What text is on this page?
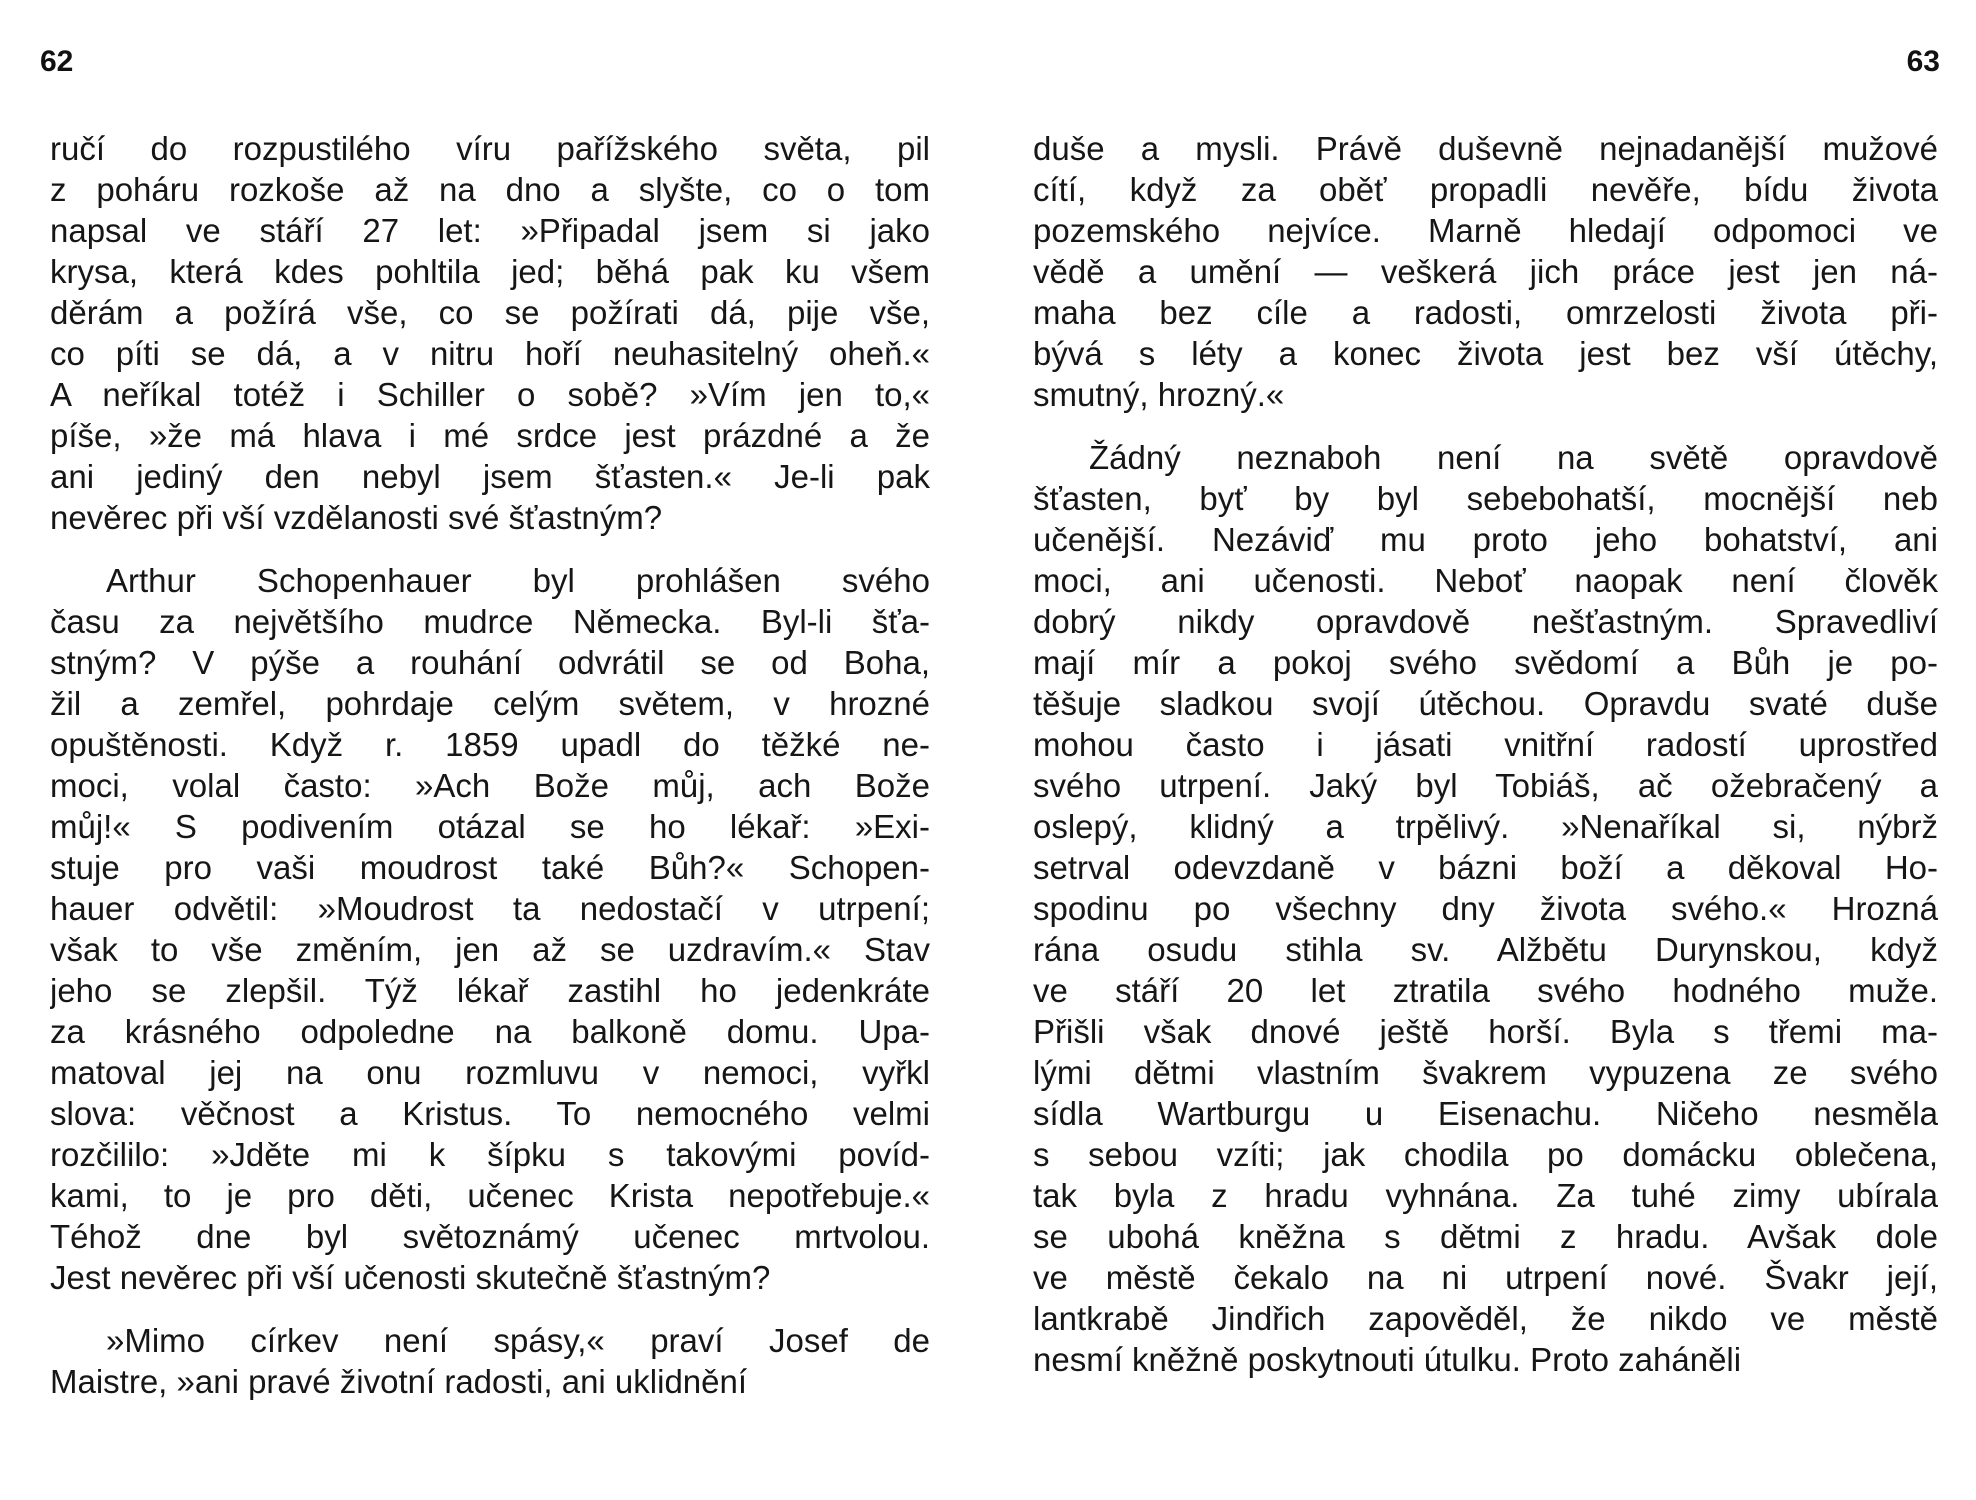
62
ručí do rozpustilého víru pařížského světa, pil
z poháru rozkoše až na dno a slyšte, co o tom
napsal ve stáří 27 let: »Připadal jsem si jako
krysa, která kdes pohltila jed; běhá pak ku všem
děrám a požírá vše, co se požírati dá, pije vše,
co píti se dá, a v nitru hoří neuhasitelný oheň.«
A neříkal totéž i Schiller o sobě? »Vím jen to,«
píše, »že má hlava i mé srdce jest prázdné a že
ani jediný den nebyl jsem šťasten.« Je-li pak
nevěrec při vší vzdělanosti své šťastným?
Arthur Schopenhauer byl prohlášen svého
času za největšího mudrce Německa. Byl-li šťa-
stným? V pýše a rouhání odvrátil se od Boha,
žil a zemřel, pohrdaje celým světem, v hrozné
opuštěnosti. Když r. 1859 upadl do těžké ne-
moci, volal často: »Ach Bože můj, ach Bože
můj!« S podivením otázal se ho lékař: »Exi-
stuje pro vaši moudrost také Bůh?« Schopen-
hauer odvětil: »Moudrost ta nedostačí v utrpení;
však to vše změním, jen až se uzdravím.« Stav
jeho se zlepšil. Týž lékař zastihl ho jedenkráte
za krásného odpoledne na balkoně domu. Upa-
matoval jej na onu rozmluvu v nemoci, vyřkl
slova: věčnost a Kristus. To nemocného velmi
rozčililo: »Jděte mi k šípku s takovými povíd-
kami, to je pro děti, učenec Krista nepotřebuje.«
Téhož dne byl světoznámý učenec mrtvolou.
Jest nevěrec při vší učenosti skutečně šťastným?
»Mimo církev není spásy,« praví Josef de
Maistre, »ani pravé životní radosti, ani uklidnění
63
duše a mysli. Právě duševně nejnadanější mužové
cítí, když za oběť propadli nevěře, bídu života
pozemského nejvíce. Marně hledají odpomoci ve
vědě a umění — veškerá jich práce jest jen ná-
maha bez cíle a radosti, omrzelosti života při-
bývá s léty a konec života jest bez vší útěchy,
smutný, hrozný.«
Žádný neznaboh není na světě opravdově
šťasten, byť by byl sebebohatší, mocnější neb
učenější. Nezáviď mu proto jeho bohatství, ani
moci, ani učenosti. Neboť naopak není člověk
dobrý nikdy opravdově nešťastným. Spravedliví
mají mír a pokoj svého svědomí a Bůh je po-
těšuje sladkou svojí útěchou. Opravdu svaté duše
mohou často i jásati vnitřní radostí uprostřed
svého utrpení. Jaký byl Tobiáš, ač ožebračený a
oslepý, klidný a trpělivý. »Nenaříkal si, nýbrž
setrval odevzdaně v bázni boží a děkoval Ho-
spodinu po všechny dny života svého.« Hrozná
rána osudu stihla sv. Alžbětu Durynskou, když
ve stáří 20 let ztratila svého hodného muže.
Přišli však dnové ještě horší. Byla s třemi ma-
lými dětmi vlastním švakrem vypuzena ze svého
sídla Wartburgu u Eisenachu. Ničeho nesměla
s sebou vzíti; jak chodila po domácku oblečena,
tak byla z hradu vyhnána. Za tuhé zimy ubírala
se ubohá kněžna s dětmi z hradu. Avšak dole
ve městě čekalo na ni utrpení nové. Švakr její,
lantkrabě Jindřich zapověděl, že nikdo ve městě
nesmí kněžně poskytnouti útulku. Proto zaháněli
